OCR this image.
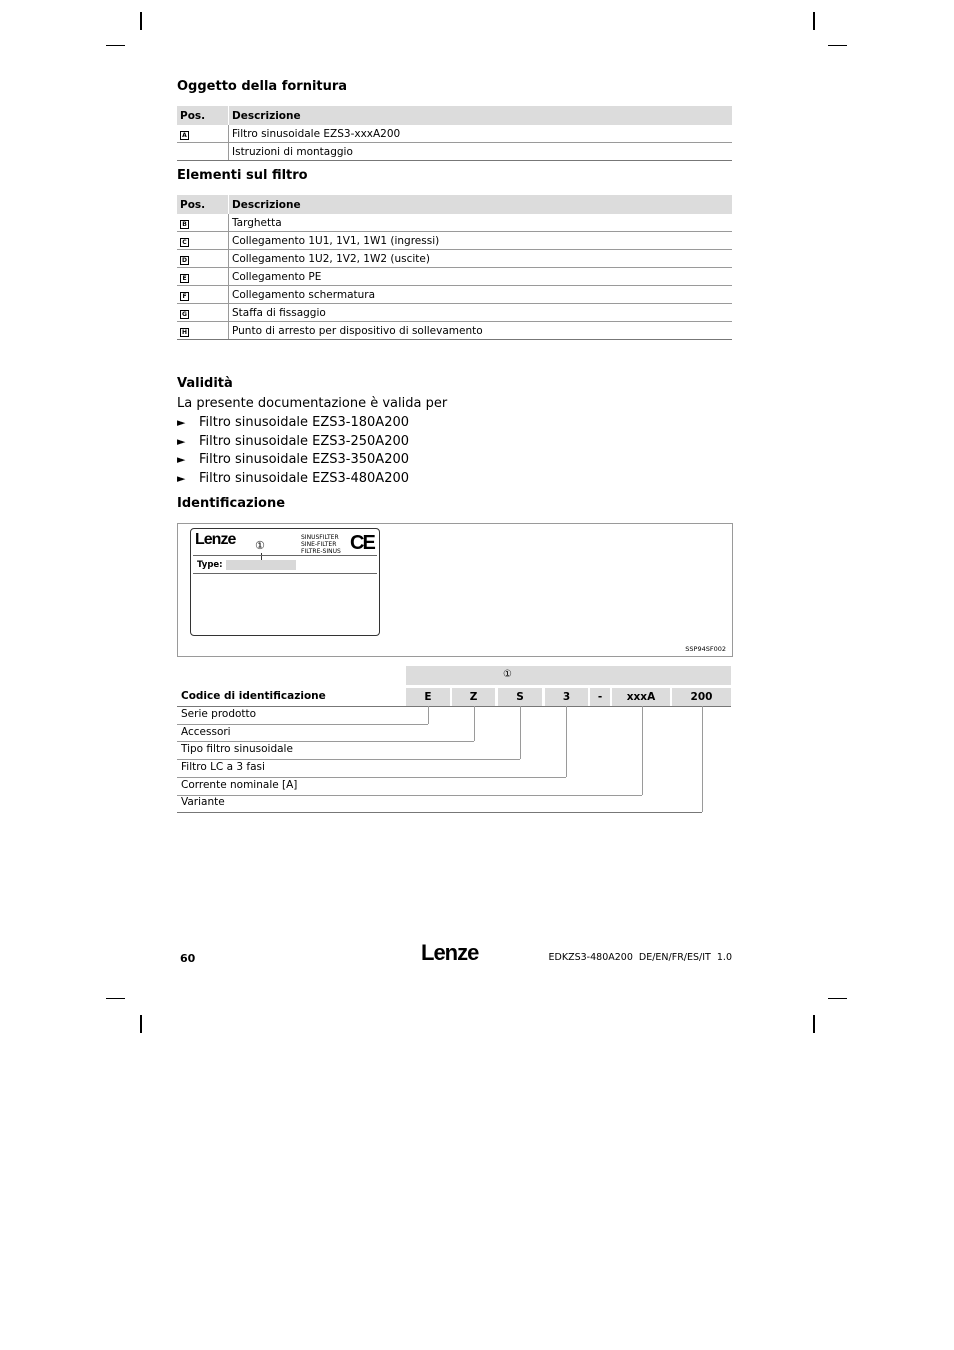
Oggetto della fornitura
Pos.	Descrizione
A	Filtro sinusoidale EZS3-xxxA200
	Istruzioni di montaggio
Elementi sul filtro
Pos.	Descrizione
B	Targhetta
C	Collegamento 1U1, 1V1, 1W1 (ingressi)
D	Collegamento 1U2, 1V2, 1W2 (uscite)
E	Collegamento PE
F	Collegamento schermatura
G	Staffa di fissaggio
H	Punto di arresto per dispositivo di sollevamento
Validità

La presente documentazione è valida per

► Filtro sinusoidale EZS3-180A200
► Filtro sinusoidale EZS3-250A200
► Filtro sinusoidale EZS3-350A200
► Filtro sinusoidale EZS3-480A200
Identificazione
Lenze ①
SINUSFILTER
SINE-FILTER
FILTRE-SINUS CE
Type:
SSP94SF002
①
Codice di identificazione	E	Z	S	3	-	xxxA	200
Serie prodotto
Accessori
Tipo filtro sinusoidale
Filtro LC a 3 fasi
Corrente nominale [A]
Variante
60	Lenze	EDKZS3-480A200  DE/EN/FR/ES/IT  1.0
